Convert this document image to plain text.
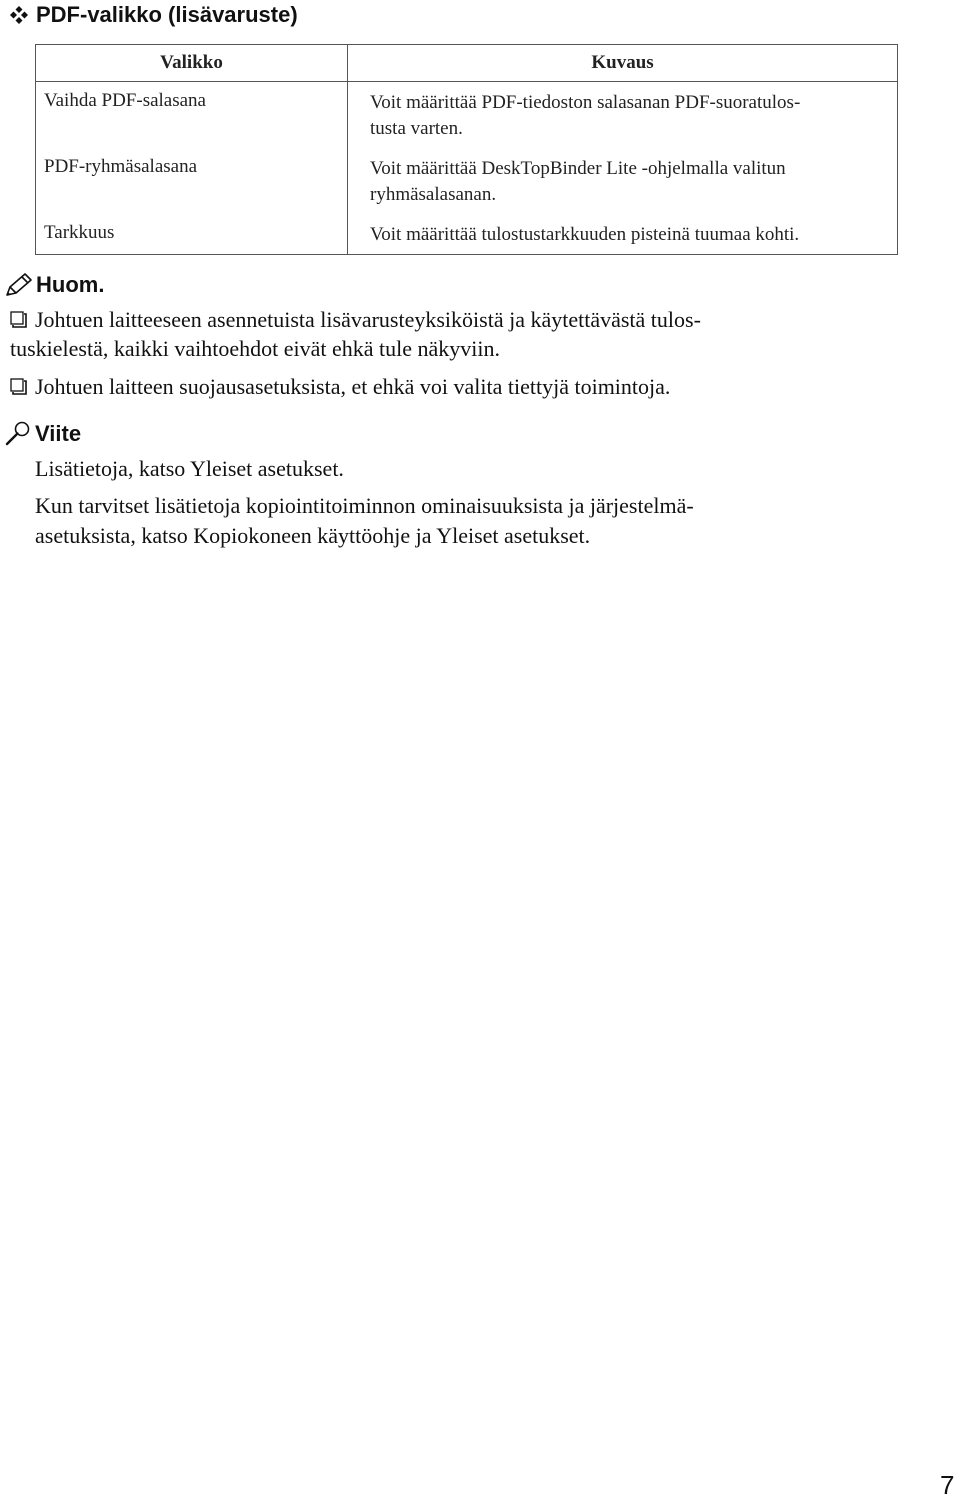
PDF-valikko (lisävaruste)
Valikko	Kuvaus
Vaihda PDF-salasana	Voit määrittää PDF-tiedoston salasanan PDF-suoratulos-
tusta varten.

PDF-ryhmäsalasana	Voit määrittää DeskTopBinder Lite -ohjelmalla valitun
ryhmäsalasanan.

Tarkkuus	Voit määrittää tulostustarkkuuden pisteinä tuumaa kohti.
Huom.
Johtuen laitteeseen asennetuista lisävarusteyksiköistä ja käytettävästä tulos-
tuskielestä, kaikki vaihtoehdot eivät ehkä tule näkyviin.
Johtuen laitteen suojausasetuksista, et ehkä voi valita tiettyjä toimintoja.
Viite
Lisätietoja, katso Yleiset asetukset.
Kun tarvitset lisätietoja kopiointitoiminnon ominaisuuksista ja järjestelmä-
asetuksista, katso Kopiokoneen käyttöohje ja Yleiset asetukset.
7
